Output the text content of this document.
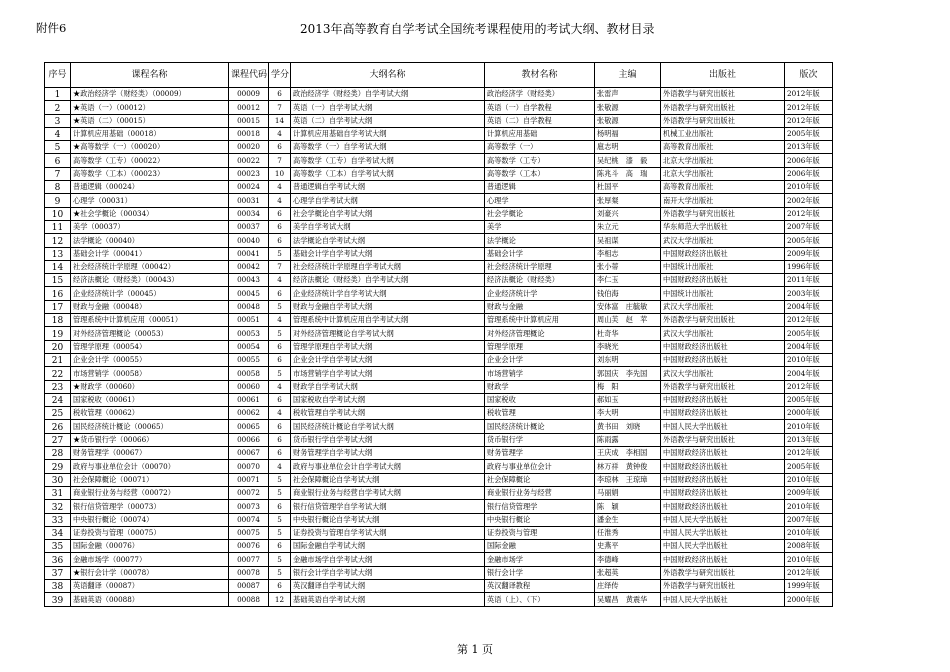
附件6	2013年高等教育自学考试全国统考课程使用的考试大纲、教材目录
序号	课程名称	课程代码	学分	大纲名称	教材名称	主编	出版社	版次
1	★政治经济学（财经类）（00009）	00009	6	政治经济学（财经类）自学考试大纲	政治经济学（财经类）	张雷声	外语教学与研究出版社	2012年版
2	★英语（一）（00012）	00012	7	英语（一）自学考试大纲	英语（一）自学教程	张敬源	外语教学与研究出版社	2012年版
3	★英语（二）（00015）	00015	14	英语（二）自学考试大纲	英语（二）自学教程	张敬源	外语教学与研究出版社	2012年版
4	计算机应用基础（00018）	00018	4	计算机应用基础自学考试大纲	计算机应用基础	杨明福	机械工业出版社	2005年版
5	★高等数学（一）（00020）	00020	6	高等数学（一）自学考试大纲	高等数学（一）	扈志明	高等教育出版社	2013年版
6	高等数学（工专）（00022）	00022	7	高等数学（工专）自学考试大纲	高等数学（工专）	吴纪桃　漆　毅	北京大学出版社	2006年版
7	高等数学（工本）（00023）	00023	10	高等数学（工本）自学考试大纲	高等数学（工本）	陈兆斗　高　瑞	北京大学出版社	2006年版
8	普通逻辑（00024）	00024	4	普通逻辑自学考试大纲	普通逻辑	杜国平	高等教育出版社	2010年版
9	心理学（00031）	00031	4	心理学自学考试大纲	心理学	张厚粲	南开大学出版社	2002年版
10	★社会学概论（00034）	00034	6	社会学概论自学考试大纲	社会学概论	刘豪兴	外语教学与研究出版社	2012年版
11	美学（00037）	00037	6	美学自学考试大纲	美学	朱立元	华东师范大学出版社	2007年版
12	法学概论（00040）	00040	6	法学概论自学考试大纲	法学概论	吴祖谋	武汉大学出版社	2005年版
13	基础会计学（00041）	00041	5	基础会计学自学考试大纲	基础会计学	李相志	中国财政经济出版社	2009年版
14	社会经济统计学原理（00042）	00042	7	社会经济统计学原理自学考试大纲	社会经济统计学原理	张小蒂	中国统计出版社	1996年版
15	经济法概论（财经类）（00043）	00043	4	经济法概论（财经类）自学考试大纲	经济法概论（财经类）	李仁玉	中国财政经济出版社	2011年版
16	企业经济统计学（00045）	00045	6	企业经济统计学自学考试大纲	企业经济统计学	钱伯海	中国统计出版社	2003年版
17	财政与金融（00048）	00048	5	财政与金融自学考试大纲	财政与金融	安体富　庄毓敏	武汉大学出版社	2004年版
18	管理系统中计算机应用（00051）	00051	4	管理系统中计算机应用自学考试大纲	管理系统中计算机应用	周山芙　赵　苹	外语教学与研究出版社	2012年版
19	对外经济管理概论（00053）	00053	5	对外经济管理概论自学考试大纲	对外经济管理概论	杜奇华	武汉大学出版社	2005年版
20	管理学原理（00054）	00054	6	管理学原理自学考试大纲	管理学原理	李晓光	中国财政经济出版社	2004年版
21	企业会计学（00055）	00055	6	企业会计学自学考试大纲	企业会计学	刘东明	中国财政经济出版社	2010年版
22	市场营销学（00058）	00058	5	市场营销学自学考试大纲	市场营销学	郭国庆　李先国	武汉大学出版社	2004年版
23	★财政学（00060）	00060	4	财政学自学考试大纲	财政学	梅　阳	外语教学与研究出版社	2012年版
24	国家税收（00061）	00061	6	国家税收自学考试大纲	国家税收	郝如玉	中国财政经济出版社	2005年版
25	税收管理（00062）	00062	4	税收管理自学考试大纲	税收管理	李大明	中国财政经济出版社	2000年版
26	国民经济统计概论（00065）	00065	6	国民经济统计概论自学考试大纲	国民经济统计概论	黄书田　刘晓	中国人民大学出版社	2010年版
27	★货币银行学（00066）	00066	6	货币银行学自学考试大纲	货币银行学	陈雨露	外语教学与研究出版社	2013年版
28	财务管理学（00067）	00067	6	财务管理学自学考试大纲	财务管理学	王庆成　李相国	中国财政经济出版社	2012年版
29	政府与事业单位会计（00070）	00070	4	政府与事业单位会计自学考试大纲	政府与事业单位会计	林万祥　黄钟俊	中国财政经济出版社	2005年版
30	社会保障概论（00071）	00071	5	社会保障概论自学考试大纲	社会保障概论	李琼林　王琼璋	中国财政经济出版社	2010年版
31	商业银行业务与经营（00072）	00072	5	商业银行业务与经营自学考试大纲	商业银行业务与经营	马丽娟	中国财政经济出版社	2009年版
32	银行信贷管理学（00073）	00073	6	银行信贷管理学自学考试大纲	银行信贷管理学	陈　颖	中国财政经济出版社	2010年版
33	中央银行概论（00074）	00074	5	中央银行概论自学考试大纲	中央银行概论	潘金生	中国人民大学出版社	2007年版
34	证券投资与管理（00075）	00075	5	证券投资与管理自学考试大纲	证券投资与管理	任淮秀	中国人民大学出版社	2010年版
35	国际金融（00076）	00076	6	国际金融自学考试大纲	国际金融	史燕平	中国人民大学出版社	2008年版
36	金融市场学（00077）	00077	5	金融市场学自学考试大纲	金融市场学	李德峰	中国财政经济出版社	2010年版
37	★银行会计学（00078）	00078	5	银行会计学自学考试大纲	银行会计学	张超英	外语教学与研究出版社	2012年版
38	英语翻译（00087）	00087	6	英汉翻译自学考试大纲	英汉翻译教程	庄绎传	外语教学与研究出版社	1999年版
39	基础英语（00088）	00088	12	基础英语自学考试大纲	英语（上）、（下）	吴耀昌　黄震华	中国人民大学出版社	2000年版
第 1 页
